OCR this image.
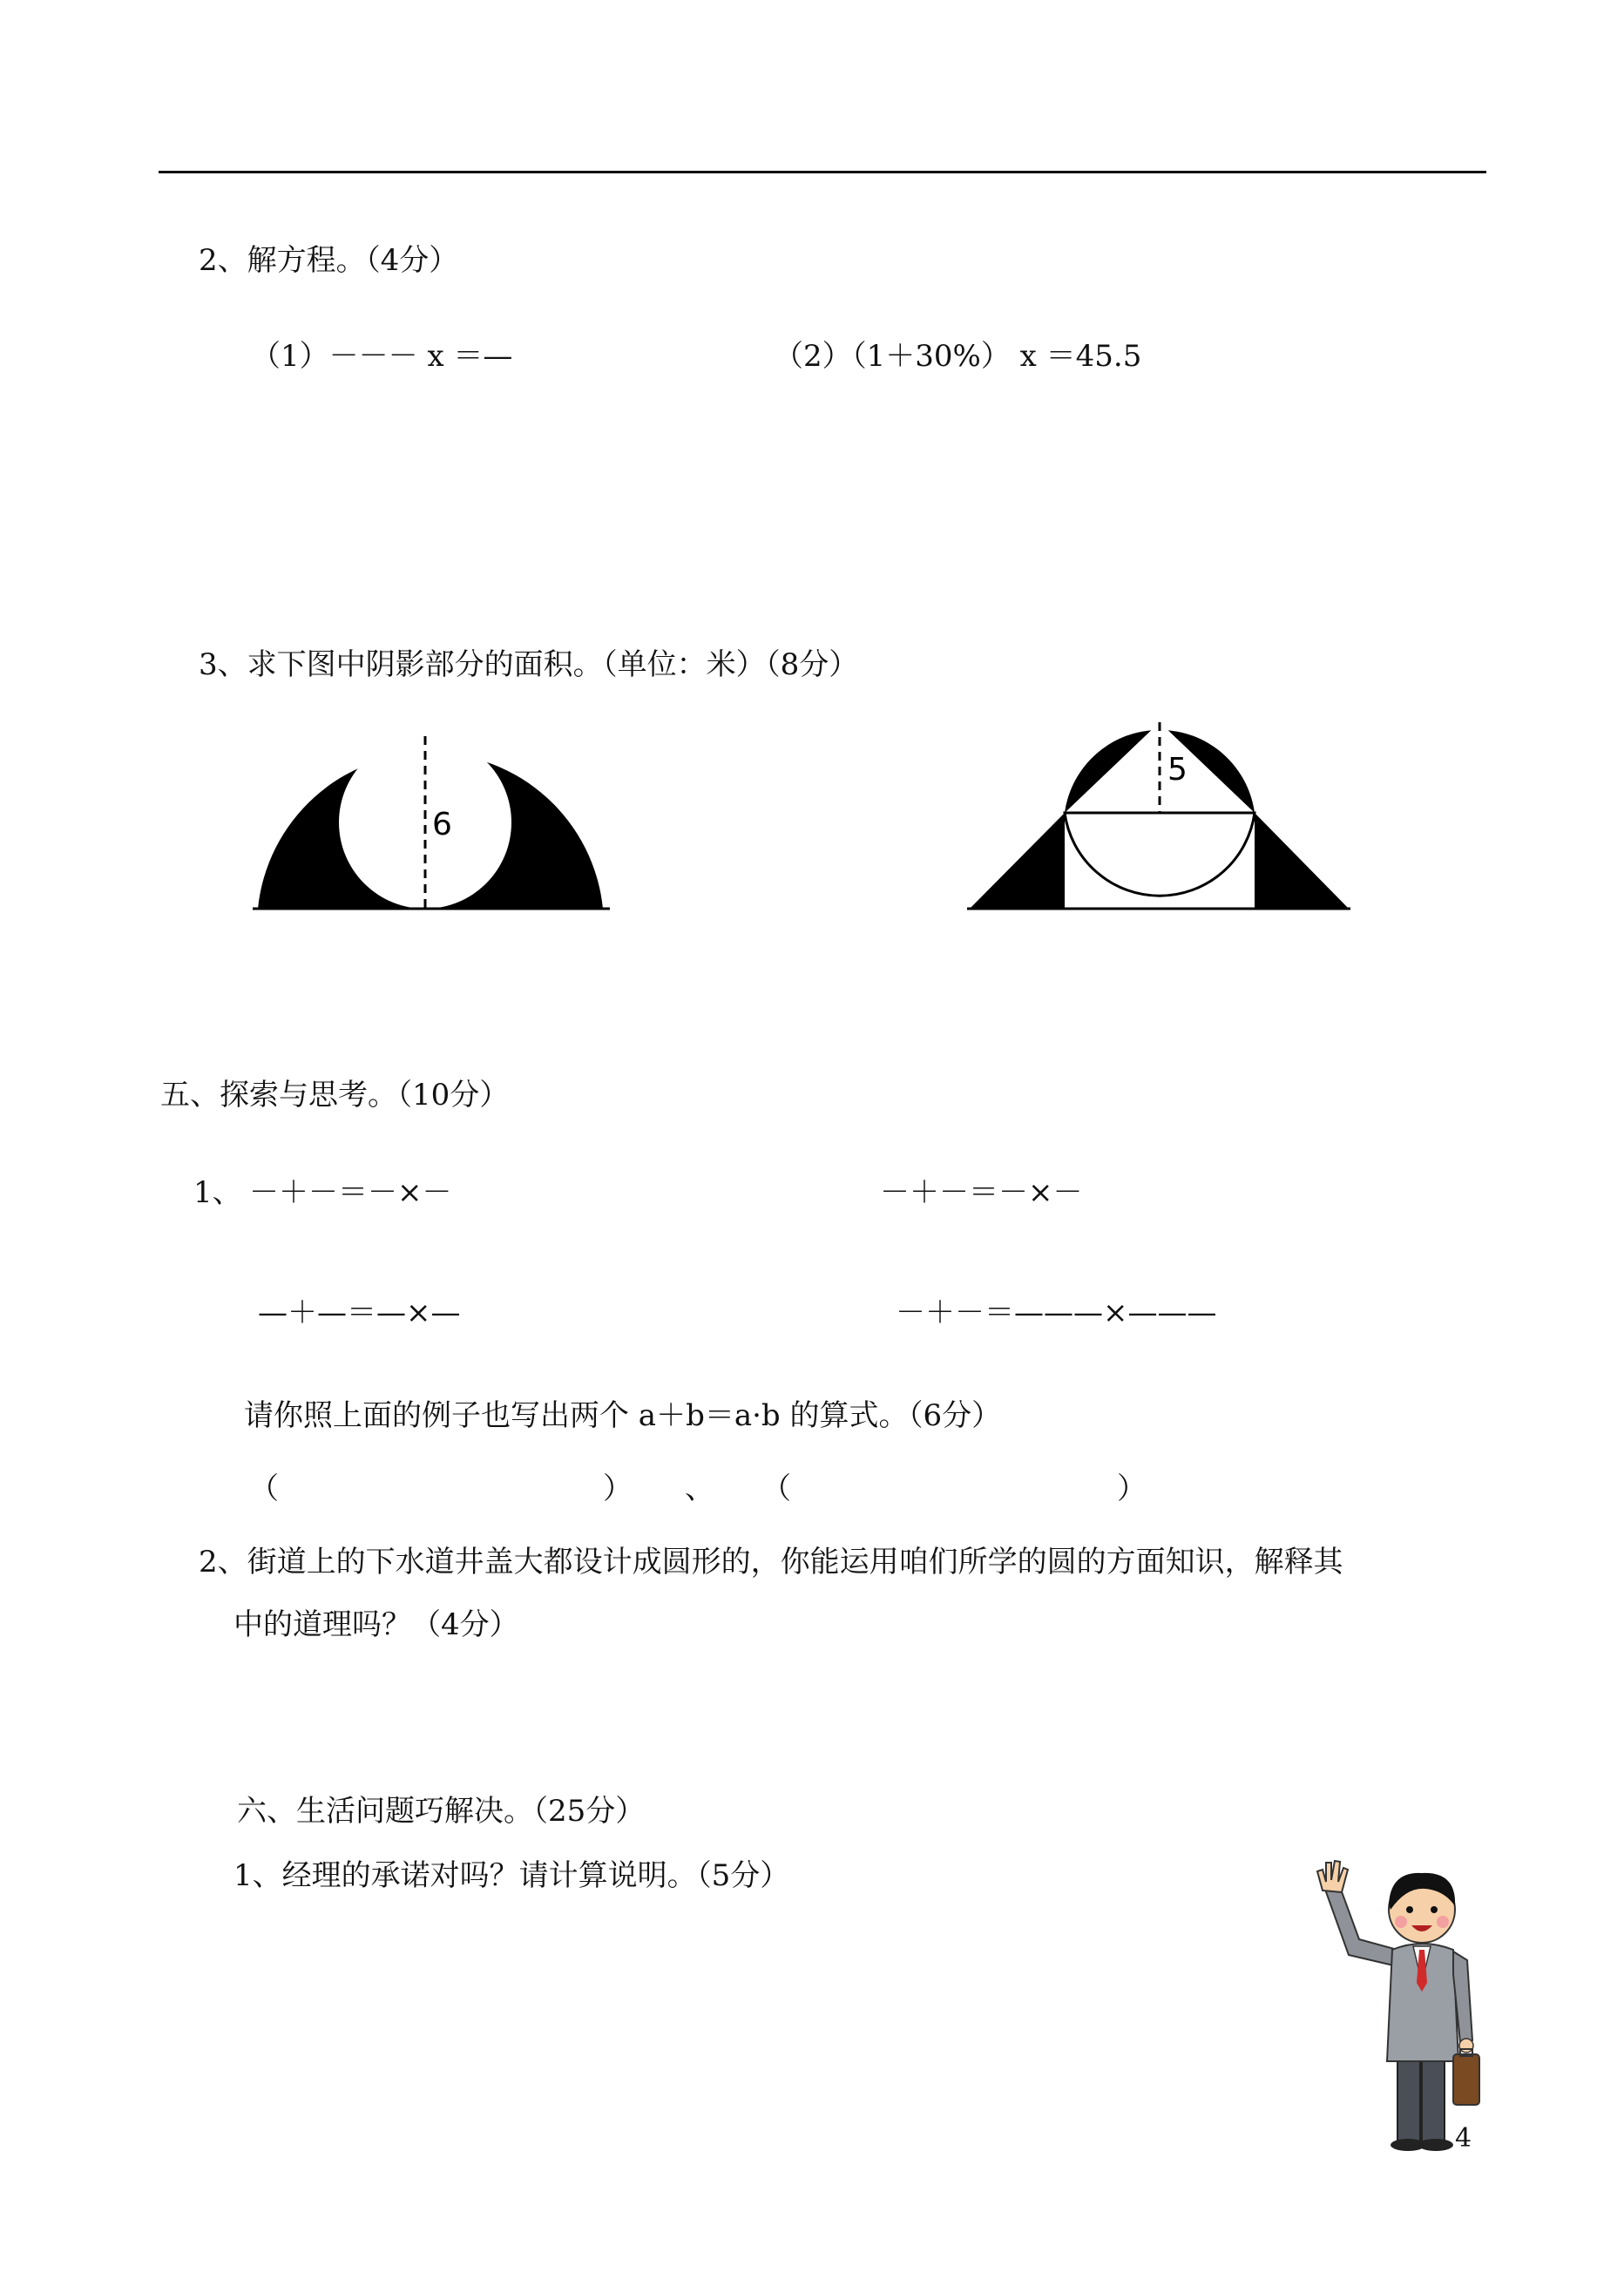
2、解方程。（4分）
（1）－－－ x ＝—	（2）（1＋30%） x ＝45.5
3、求下图中阴影部分的面积。（单位：米）（8分）
6
5
五、探索与思考。（10分）
1、 －＋－＝－×－	－＋－＝－×－
—＋—＝—×—	－＋－＝———×———
请你照上面的例子也写出两个 a＋b＝a·b 的算式。（6分）
（	） 、 （	）
2、街道上的下水道井盖大都设计成圆形的，你能运用咱们所学的圆的方面知识，解释其
中的道理吗？（4分）
六、生活问题巧解决。（25分）
1、经理的承诺对吗？请计算说明。（5分）
4
